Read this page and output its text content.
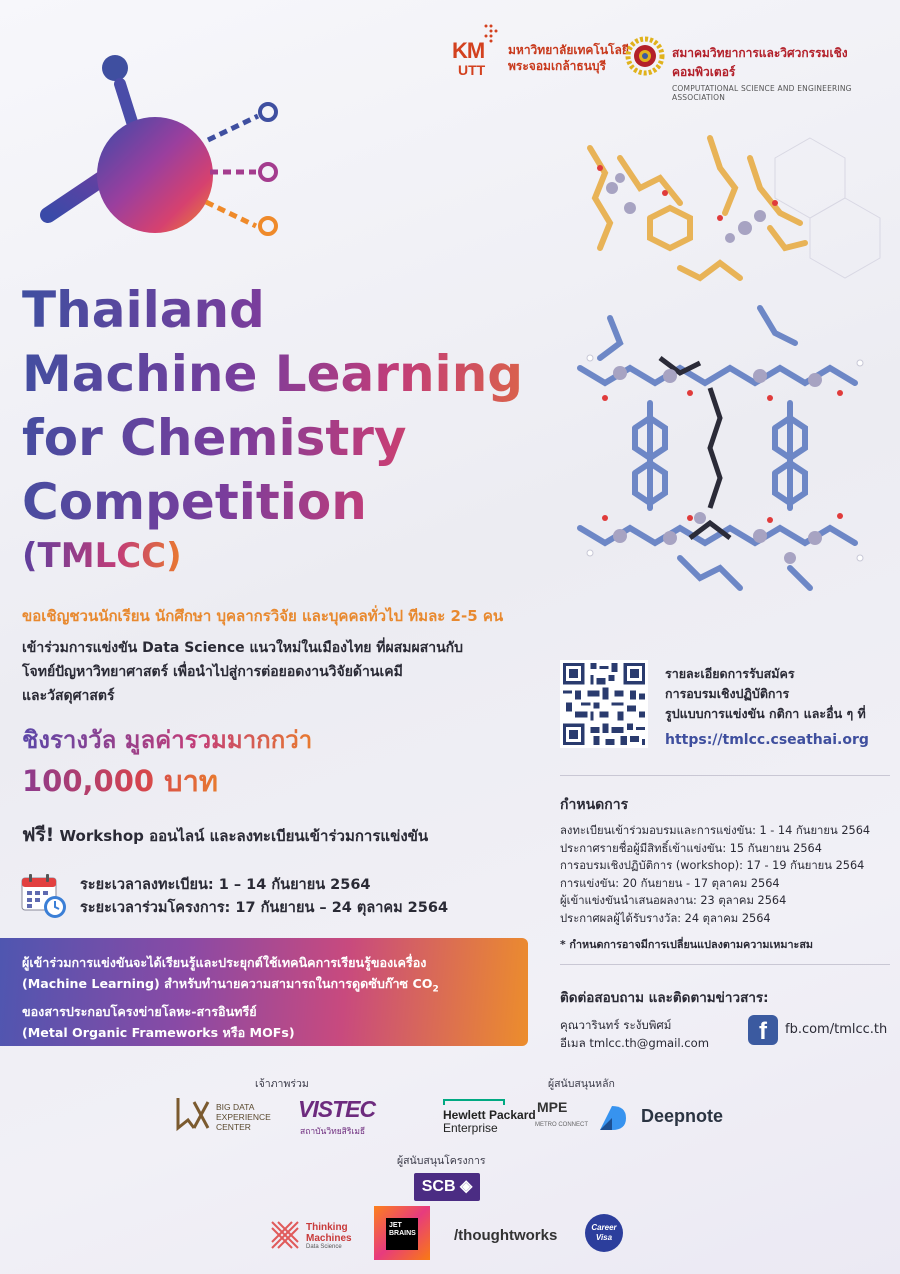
KM
UTT
มหาวิทยาลัยเทคโนโลยี
พระจอมเกล้าธนบุรี
สมาคมวิทยาการและวิศวกรรมเชิงคอมพิวเตอร์
COMPUTATIONAL SCIENCE AND ENGINEERING ASSOCIATION
Thailand
Machine Learning
for Chemistry
Competition
(TMLCC)
ขอเชิญชวนนักเรียน นักศึกษา บุคลากรวิจัย และบุคคลทั่วไป ทีมละ 2-5 คน
เข้าร่วมการแข่งขัน Data Science แนวใหม่ในเมืองไทย ที่ผสมผสานกับ
โจทย์ปัญหาวิทยาศาสตร์ เพื่อนำไปสู่การต่อยอดงานวิจัยด้านเคมี
และวัสดุศาสตร์
ชิงรางวัล มูลค่ารวมมากกว่า
100,000 บาท
ฟรี! Workshop ออนไลน์ และลงทะเบียนเข้าร่วมการแข่งขัน
ระยะเวลาลงทะเบียน: 1 – 14 กันยายน 2564
ระยะเวลาร่วมโครงการ: 17 กันยายน – 24 ตุลาคม 2564
ผู้เข้าร่วมการแข่งขันจะได้เรียนรู้และประยุกต์ใช้เทคนิคการเรียนรู้ของเครื่อง
(Machine Learning) สำหรับทำนายความสามารถในการดูดซับก๊าซ $CO_2$
ของสารประกอบโครงข่ายโลหะ-สารอินทรีย์
(Metal Organic Frameworks หรือ MOFs)
รายละเอียดการรับสมัคร
การอบรมเชิงปฏิบัติการ
รูปแบบการแข่งขัน กติกา และอื่น ๆ ที่
https://tmlcc.cseathai.org
กำหนดการ
ลงทะเบียนเข้าร่วมอบรมและการแข่งขัน: 1 - 14 กันยายน 2564
ประกาศรายชื่อผู้มีสิทธิ์เข้าแข่งขัน: 15 กันยายน 2564
การอบรมเชิงปฏิบัติการ (workshop): 17 - 19 กันยายน 2564
การแข่งขัน: 20 กันยายน - 17 ตุลาคม 2564
ผู้เข้าแข่งขันนำเสนอผลงาน: 23 ตุลาคม 2564
ประกาศผลผู้ได้รับรางวัล: 24 ตุลาคม 2564
* กำหนดการอาจมีการเปลี่ยนแปลงตามความเหมาะสม
ติดต่อสอบถาม และติดตามข่าวสาร:
คุณวารินทร์ ระงับพิศม์
อีเมล tmlcc.th@gmail.com	f	fb.com/tmlcc.th
เจ้าภาพร่วม	ผู้สนับสนุนหลัก
BIG DATA
EXPERIENCE
CENTER
VISTEC
สถาบันวิทยสิริเมธี
Hewlett Packard
Enterprise
MPE
METRO CONNECT	Deepnote
ผู้สนับสนุนโครงการ
SCB ◈
Thinking
Machines
Data Science
JET
BRAINS	/thoughtworks	Career
Visa
